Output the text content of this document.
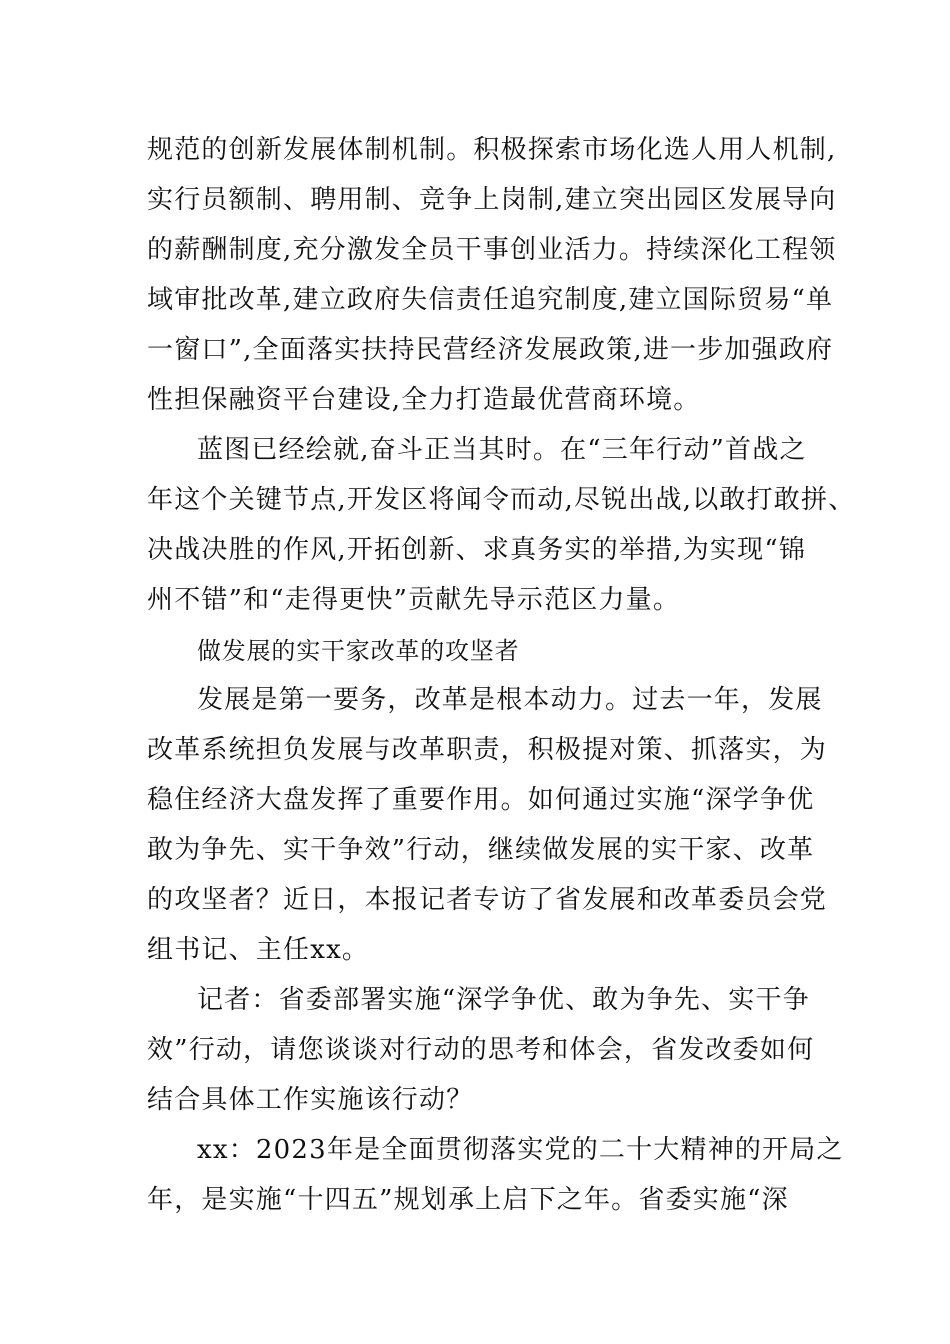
规范的创新发展体制机制。积极探索市场化选人用人机制,
实行员额制、聘用制、竞争上岗制,建立突出园区发展导向
的薪酬制度,充分激发全员干事创业活力。持续深化工程领
域审批改革,建立政府失信责任追究制度,建立国际贸易“单
一窗口”,全面落实扶持民营经济发展政策,进一步加强政府
性担保融资平台建设,全力打造最优营商环境。
蓝图已经绘就,奋斗正当其时。在“三年行动”首战之
年这个关键节点,开发区将闻令而动,尽锐出战,以敢打敢拼、
决战决胜的作风,开拓创新、求真务实的举措,为实现“锦
州不错”和“走得更快”贡献先导示范区力量。
做发展的实干家改革的攻坚者
发展是第一要务，改革是根本动力。过去一年，发展
改革系统担负发展与改革职责，积极提对策、抓落实，为
稳住经济大盘发挥了重要作用。如何通过实施“深学争优
敢为争先、实干争效”行动，继续做发展的实干家、改革
的攻坚者？近日，本报记者专访了省发展和改革委员会党
组书记、主任xx。
记者：省委部署实施“深学争优、敢为争先、实干争
效”行动，请您谈谈对行动的思考和体会，省发改委如何
结合具体工作实施该行动？
xx：2023年是全面贯彻落实党的二十大精神的开局之
年，是实施“十四五”规划承上启下之年。省委实施“深
